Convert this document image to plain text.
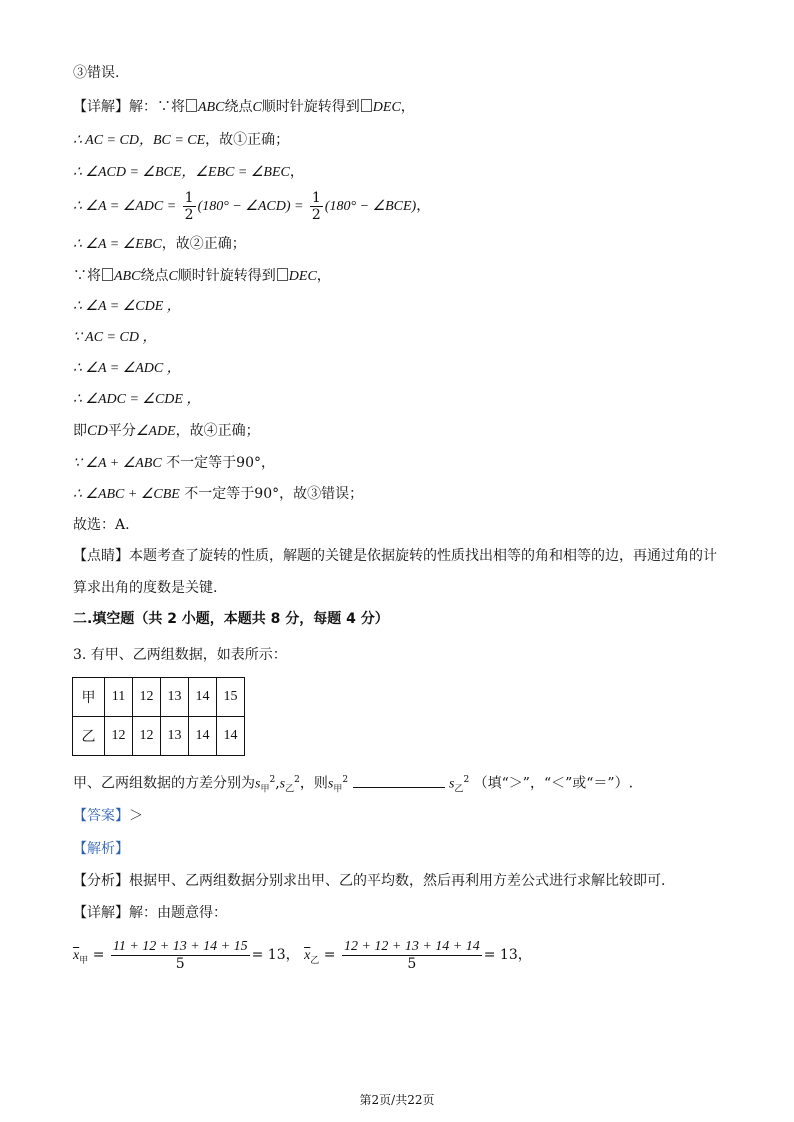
③错误.
【详解】解：∵将 ABC绕点C顺时针旋转得到 DEC，
∴ AC = CD，BC = CE，故①正确；
∴ ∠ACD = ∠BCE，∠EBC = ∠BEC，
∴ ∠A = ∠ADC = $\frac{1}{2} (180^\circ$ − ∠ACD) = $\frac{1}{2} (180^\circ$ − ∠BCE)，
∴ ∠A = ∠EBC，故②正确；
∵将 ABC绕点C顺时针旋转得到 DEC，
∴ ∠A = ∠CDE ，
∵ AC = CD ，
∴ ∠A = ∠ADC ，
∴ ∠ADC = ∠CDE ，
即CD平分∠ADE，故④正确；
∵ ∠A + ∠ABC 不一定等于90°，
∴ ∠ABC + ∠CBE 不一定等于90°，故③错误；
故选：A.
【点睛】本题考查了旋转的性质，解题的关键是依据旋转的性质找出相等的角和相等的边，再通过角的计
算求出角的度数是关键.
二.填空题（共 2 小题，本题共 8 分，每题 4 分）
3. 有甲、乙两组数据，如表所示：
甲	11	12	13	14	15
乙	12	12	13	14	14
甲、乙两组数据的方差分别为$s_甲^2,s_乙^2$，则$s_甲^2$	$s_乙^2$ （填“＞”，“＜”或“＝”）.
【答案】＞
【解析】
【分析】根据甲、乙两组数据分别求出甲、乙的平均数，然后再利用方差公式进行求解比较即可.
【详解】解：由题意得：
$\overline{x}_甲 = \frac{11 + 12 + 13 + 14 + 15}{5} = 13$， $\overline{x}_乙 = \frac{12 + 12 + 13 + 14 + 14}{5} = 13$，
第2页/共22页
